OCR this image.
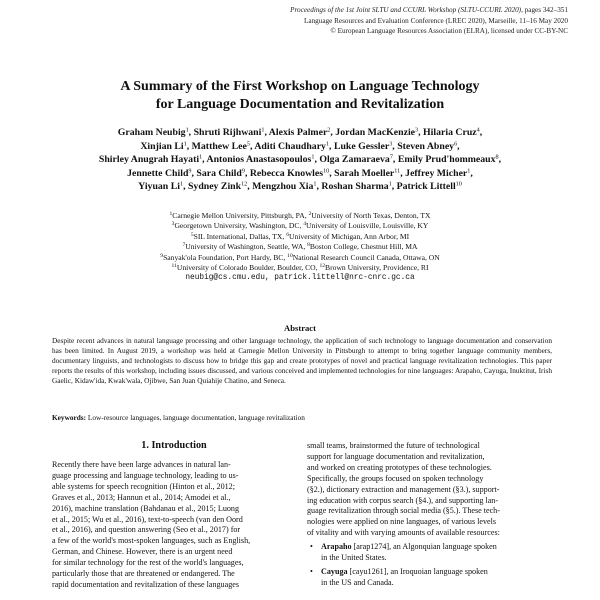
Proceedings of the 1st Joint SLTU and CCURL Workshop (SLTU-CCURL 2020), pages 342–351
Language Resources and Evaluation Conference (LREC 2020), Marseille, 11–16 May 2020
© European Language Resources Association (ELRA), licensed under CC-BY-NC
A Summary of the First Workshop on Language Technology
for Language Documentation and Revitalization
Graham Neubig$^1$, Shruti Rijhwani$^1$, Alexis Palmer$^2$, Jordan MacKenzie$^3$, Hilaria Cruz$^4$,
Xinjian Li$^1$, Matthew Lee$^5$, Aditi Chaudhary$^1$, Luke Gessler$^3$, Steven Abney$^6$,
Shirley Anugrah Hayati$^1$, Antonios Anastasopoulos$^1$, Olga Zamaraeva$^7$, Emily Prud'hommeaux$^8$,
Jennette Child$^9$, Sara Child$^9$, Rebecca Knowles$^{10}$, Sarah Moeller$^{11}$, Jeffrey Micher$^1$,
Yiyuan Li$^1$, Sydney Zink$^{12}$, Mengzhou Xia$^1$, Roshan Sharma$^1$, Patrick Littell$^{10}$
$^1$Carnegie Mellon University, Pittsburgh, PA, $^2$University of North Texas, Denton, TX
$^3$Georgetown University, Washington, DC, $^4$University of Louisville, Louisville, KY
$^5$SIL International, Dallas, TX, $^6$University of Michigan, Ann Arbor, MI
$^7$University of Washington, Seattle, WA, $^8$Boston College, Chestnut Hill, MA
$^9$Sanyak'ola Foundation, Port Hardy, BC, $^{10}$National Research Council Canada, Ottawa, ON
$^{11}$University of Colorado Boulder, Boulder, CO, $^{12}$Brown University, Providence, RI
neubig@cs.cmu.edu, patrick.littell@nrc-cnrc.gc.ca
Abstract
Despite recent advances in natural language processing and other language technology, the application of such technology to language documentation and conservation has been limited. In August 2019, a workshop was held at Carnegie Mellon University in Pittsburgh to attempt to bring together language community members, documentary linguists, and technologists to discuss how to bridge this gap and create prototypes of novel and practical language revitalization technologies. This paper reports the results of this workshop, including issues discussed, and various conceived and implemented technologies for nine languages: Arapaho, Cayuga, Inuktitut, Irish Gaelic, Kidaw'ida, Kwak'wala, Ojibwe, San Juan Quiahije Chatino, and Seneca.
Keywords: Low-resource languages, language documentation, language revitalization
1. Introduction
Recently there have been large advances in natural lan-
guage processing and language technology, leading to us-
able systems for speech recognition (Hinton et al., 2012;
Graves et al., 2013; Hannun et al., 2014; Amodei et al.,
2016), machine translation (Bahdanau et al., 2015; Luong
et al., 2015; Wu et al., 2016), text-to-speech (van den Oord
et al., 2016), and question answering (Seo et al., 2017) for
a few of the world's most-spoken languages, such as English,
German, and Chinese. However, there is an urgent need
for similar technology for the rest of the world's languages,
particularly those that are threatened or endangered. The
rapid documentation and revitalization of these languages
small teams, brainstormed the future of technological
support for language documentation and revitalization,
and worked on creating prototypes of these technologies.
Specifically, the groups focused on spoken technology
(§2.), dictionary extraction and management (§3.), support-
ing education with corpus search (§4.), and supporting lan-
guage revitalization through social media (§5.). These tech-
nologies were applied on nine languages, of various levels
of vitality and with varying amounts of available resources:
• Arapaho [arap1274], an Algonquian language spoken
in the United States.
• Cayuga [cayu1261], an Iroquoian language spoken
in the US and Canada.
